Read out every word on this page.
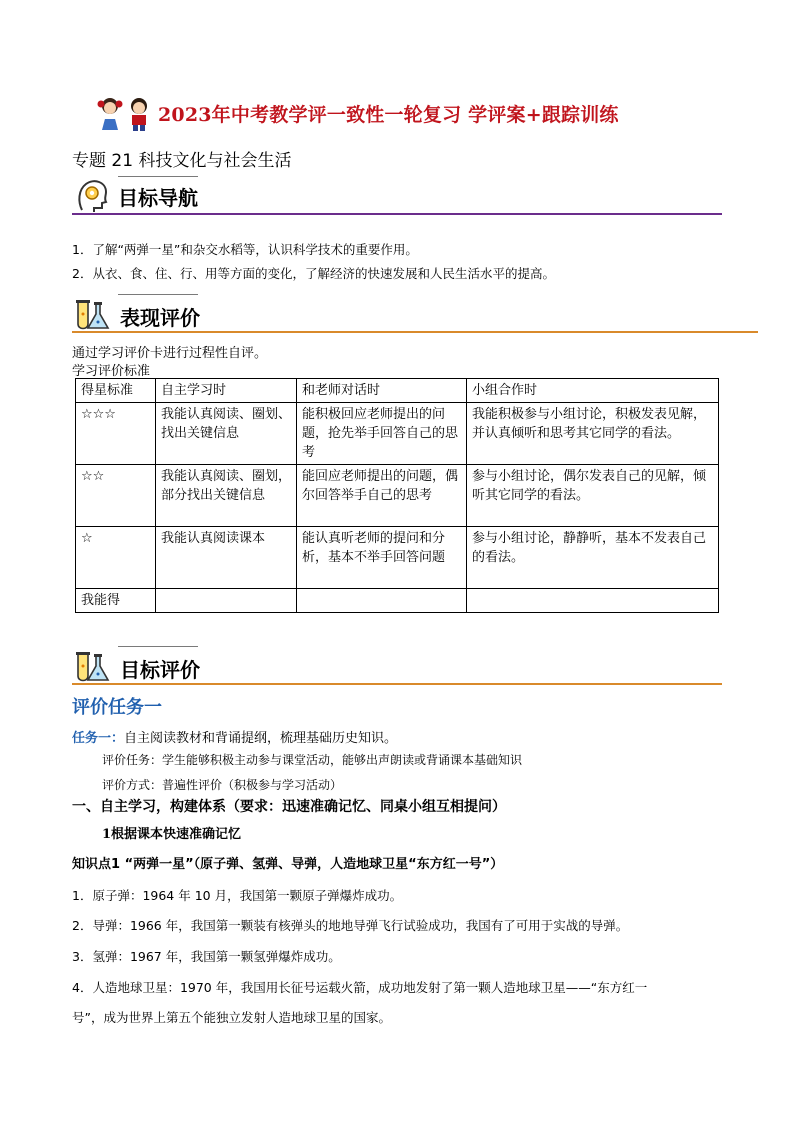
2023年中考教学评一致性一轮复习 学评案+跟踪训练
专题 21 科技文化与社会生活
目标导航
1．了解“两弹一星”和杂交水稻等，认识科学技术的重要作用。
2．从衣、食、住、行、用等方面的变化，了解经济的快速发展和人民生活水平的提高。
表现评价
通过学习评价卡进行过程性自评。
学习评价标准
得星标准	自主学习时	和老师对话时	小组合作时
☆☆☆	我能认真阅读、圈划、找出关键信息	能积极回应老师提出的问题，抢先举手回答自己的思考	我能积极参与小组讨论，积极发表见解，并认真倾听和思考其它同学的看法。
☆☆	我能认真阅读、圈划，部分找出关键信息	能回应老师提出的问题，偶尔回答举手自己的思考	参与小组讨论，偶尔发表自己的见解，倾听其它同学的看法。
☆	我能认真阅读课本	能认真听老师的提问和分析，基本不举手回答问题	参与小组讨论，静静听，基本不发表自己的看法。
我能得			
目标评价
评价任务一
任务一：自主阅读教材和背诵提纲，梳理基础历史知识。
评价任务：学生能够积极主动参与课堂活动，能够出声朗读或背诵课本基础知识
评价方式：普遍性评价（积极参与学习活动）
一、自主学习，构建体系（要求：迅速准确记忆、同桌小组互相提问）
1根据课本快速准确记忆
知识点1 “两弹一星”（原子弹、氢弹、导弹，人造地球卫星“东方红一号”）
1．原子弹：1964 年 10 月，我国第一颗原子弹爆炸成功。
2．导弹：1966 年，我国第一颗装有核弹头的地地导弹飞行试验成功，我国有了可用于实战的导弹。
3．氢弹：1967 年，我国第一颗氢弹爆炸成功。
4．人造地球卫星：1970 年，我国用长征号运载火箭，成功地发射了第一颗人造地球卫星——“东方红一
号”，成为世界上第五个能独立发射人造地球卫星的国家。
